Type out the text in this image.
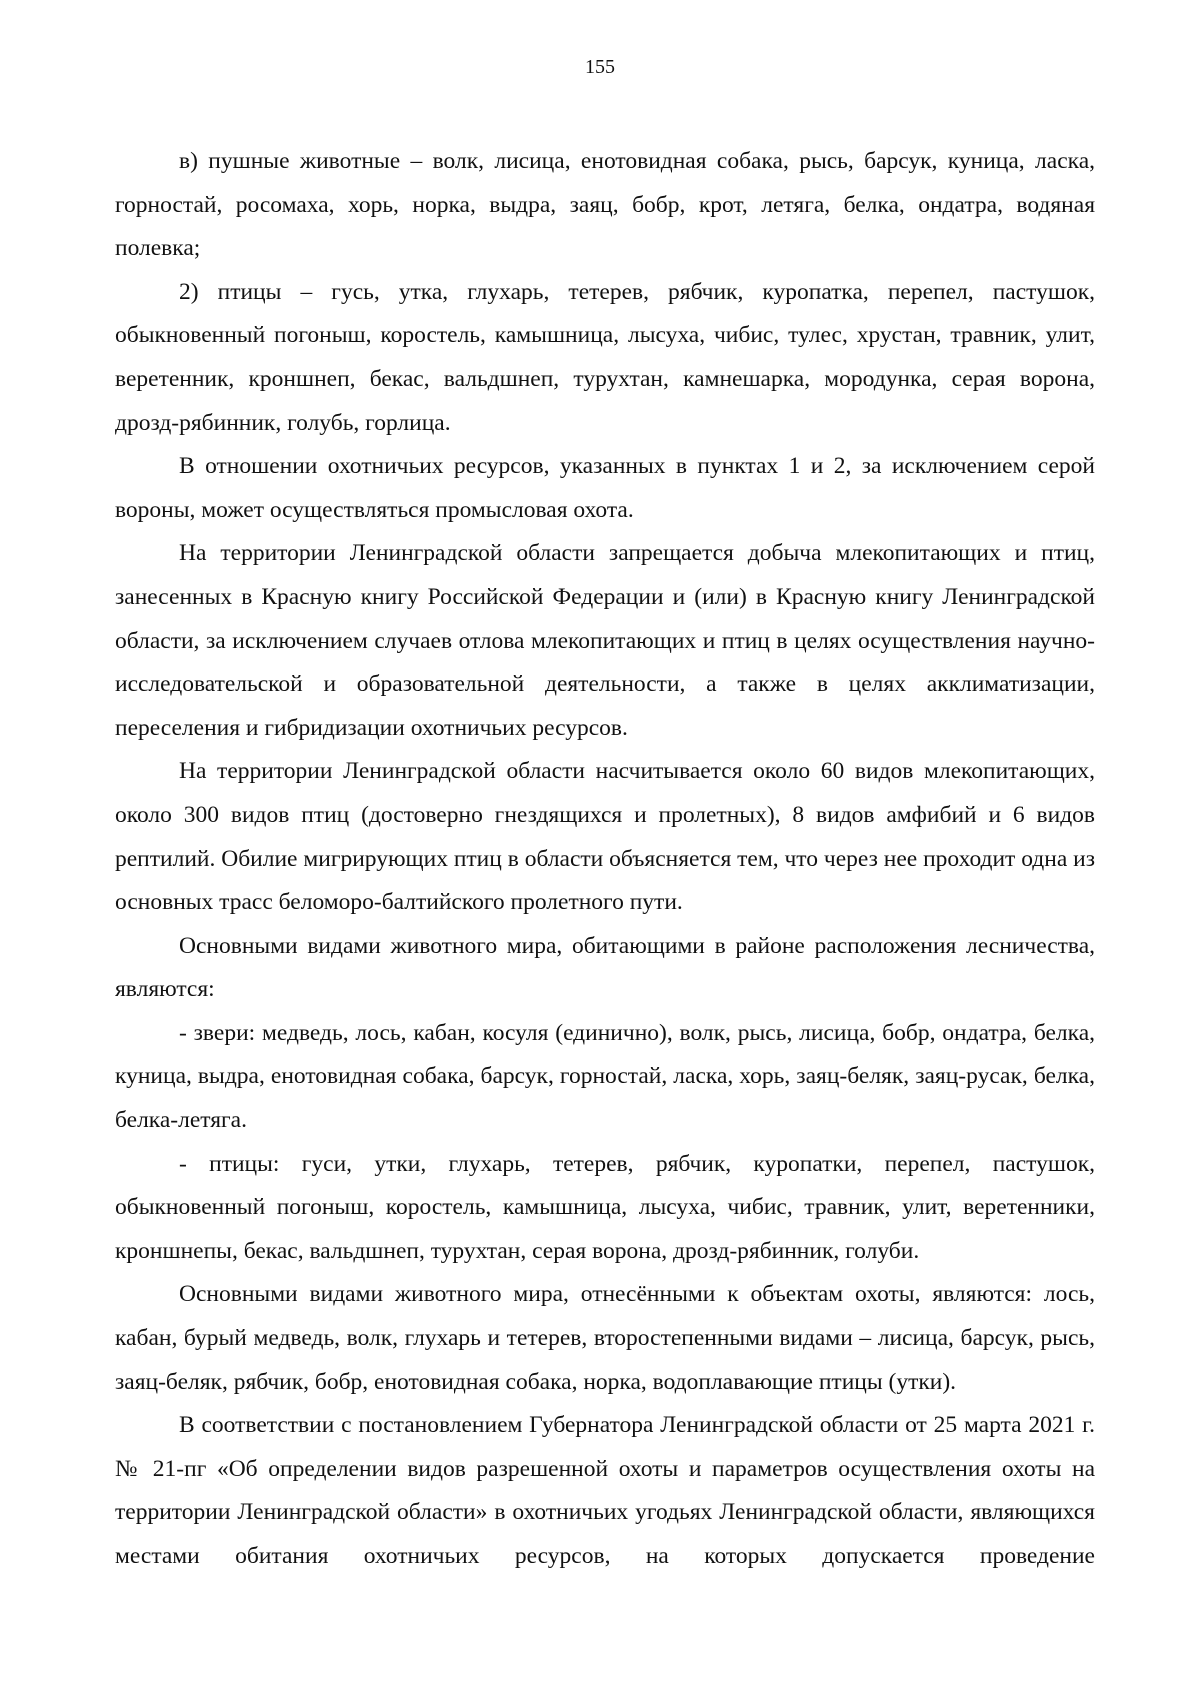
155

в) пушные животные – волк, лисица, енотовидная собака, рысь, барсук, куница, ласка, горностай, росомаха, хорь, норка, выдра, заяц, бобр, крот, летяга, белка, ондатра, водяная полевка;

2) птицы – гусь, утка, глухарь, тетерев, рябчик, куропатка, перепел, пастушок, обыкновенный погоныш, коростель, камышница, лысуха, чибис, тулес, хрустан, травник, улит, веретенник, кроншнеп, бекас, вальдшнеп, турухтан, камнешарка, мородунка, серая ворона, дрозд-рябинник, голубь, горлица.

В отношении охотничьих ресурсов, указанных в пунктах 1 и 2, за исключением серой вороны, может осуществляться промысловая охота.

На территории Ленинградской области запрещается добыча млекопитающих и птиц, занесенных в Красную книгу Российской Федерации и (или) в Красную книгу Ленинградской области, за исключением случаев отлова млекопитающих и птиц в целях осуществления научно-исследовательской и образовательной деятельности, а также в целях акклиматизации, переселения и гибридизации охотничьих ресурсов.

На территории Ленинградской области насчитывается около 60 видов млекопитающих, около 300 видов птиц (достоверно гнездящихся и пролетных), 8 видов амфибий и 6 видов рептилий. Обилие мигрирующих птиц в области объясняется тем, что через нее проходит одна из основных трасс беломоро-балтийского пролетного пути.

Основными видами животного мира, обитающими в районе расположения лесничества, являются:

- звери: медведь, лось, кабан, косуля (единично), волк, рысь, лисица, бобр, ондатра, белка, куница, выдра, енотовидная собака, барсук, горностай, ласка, хорь, заяц-беляк, заяц-русак, белка, белка-летяга.

- птицы: гуси, утки, глухарь, тетерев, рябчик, куропатки, перепел, пастушок, обыкновенный погоныш, коростель, камышница, лысуха, чибис, травник, улит, веретенники, кроншнепы, бекас, вальдшнеп, турухтан, серая ворона, дрозд-рябинник, голуби.

Основными видами животного мира, отнесёнными к объектам охоты, являются: лось, кабан, бурый медведь, волк, глухарь и тетерев, второстепенными видами – лисица, барсук, рысь, заяц-беляк, рябчик, бобр, енотовидная собака, норка, водоплавающие птицы (утки).

В соответствии с постановлением Губернатора Ленинградской области от 25 марта 2021 г. № 21-пг «Об определении видов разрешенной охоты и параметров осуществления охоты на территории Ленинградской области» в охотничьих угодьях Ленинградской области, являющихся местами обитания охотничьих ресурсов, на которых допускается проведение
